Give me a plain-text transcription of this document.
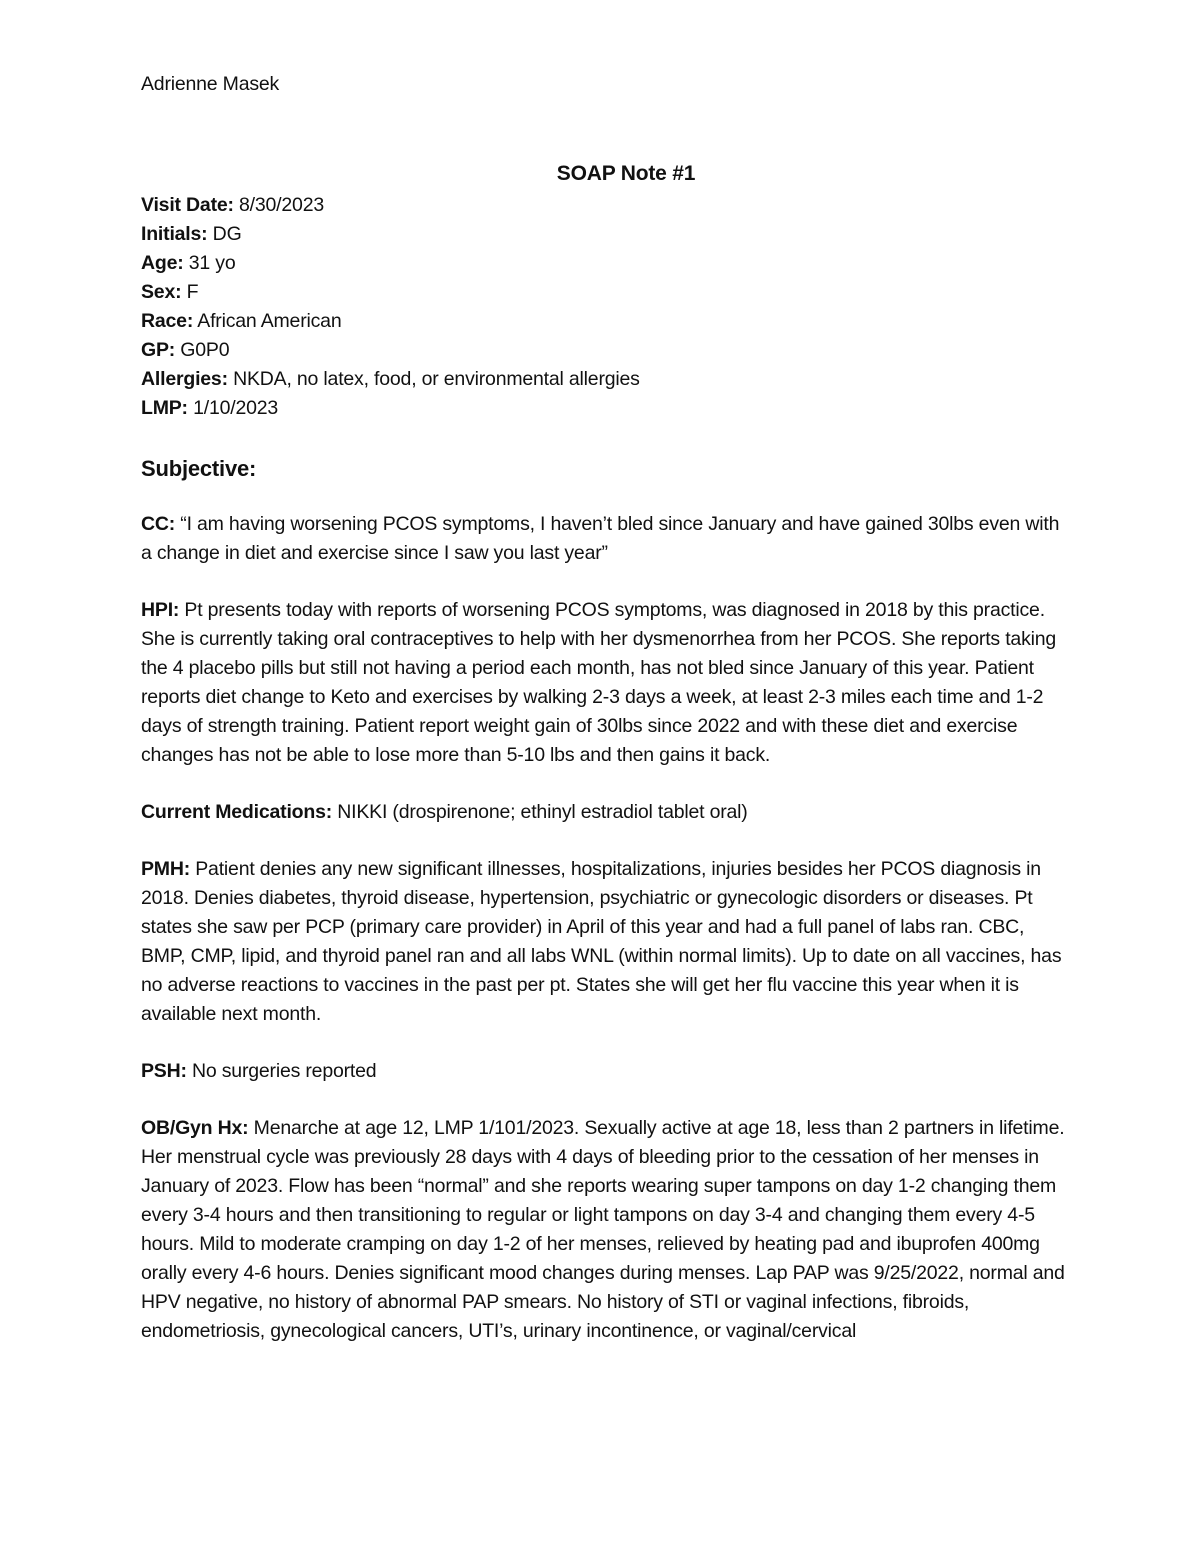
Adrienne Masek

SOAP Note #1
Visit Date: 8/30/2023
Initials: DG
Age: 31 yo
Sex: F
Race: African American
GP: G0P0
Allergies: NKDA, no latex, food, or environmental allergies
LMP: 1/10/2023
Subjective:

CC: “I am having worsening PCOS symptoms, I haven’t bled since January and have gained 30lbs even with a change in diet and exercise since I saw you last year”

HPI: Pt presents today with reports of worsening PCOS symptoms, was diagnosed in 2018 by this practice. She is currently taking oral contraceptives to help with her dysmenorrhea from her PCOS. She reports taking the 4 placebo pills but still not having a period each month, has not bled since January of this year. Patient reports diet change to Keto and exercises by walking 2-3 days a week, at least 2-3 miles each time and 1-2 days of strength training. Patient report weight gain of 30lbs since 2022 and with these diet and exercise changes has not be able to lose more than 5-10 lbs and then gains it back.

Current Medications: NIKKI (drospirenone; ethinyl estradiol tablet oral)

PMH: Patient denies any new significant illnesses, hospitalizations, injuries besides her PCOS diagnosis in 2018. Denies diabetes, thyroid disease, hypertension, psychiatric or gynecologic disorders or diseases. Pt states she saw per PCP (primary care provider) in April of this year and had a full panel of labs ran. CBC, BMP, CMP, lipid, and thyroid panel ran and all labs WNL (within normal limits). Up to date on all vaccines, has no adverse reactions to vaccines in the past per pt. States she will get her flu vaccine this year when it is available next month.

PSH: No surgeries reported

OB/Gyn Hx: Menarche at age 12, LMP 1/101/2023. Sexually active at age 18, less than 2 partners in lifetime. Her menstrual cycle was previously 28 days with 4 days of bleeding prior to the cessation of her menses in January of 2023. Flow has been “normal” and she reports wearing super tampons on day 1-2 changing them every 3-4 hours and then transitioning to regular or light tampons on day 3-4 and changing them every 4-5 hours. Mild to moderate cramping on day 1-2 of her menses, relieved by heating pad and ibuprofen 400mg orally every 4-6 hours. Denies significant mood changes during menses. Lap PAP was 9/25/2022, normal and HPV negative, no history of abnormal PAP smears. No history of STI or vaginal infections, fibroids, endometriosis, gynecological cancers, UTI’s, urinary incontinence, or vaginal/cervical
